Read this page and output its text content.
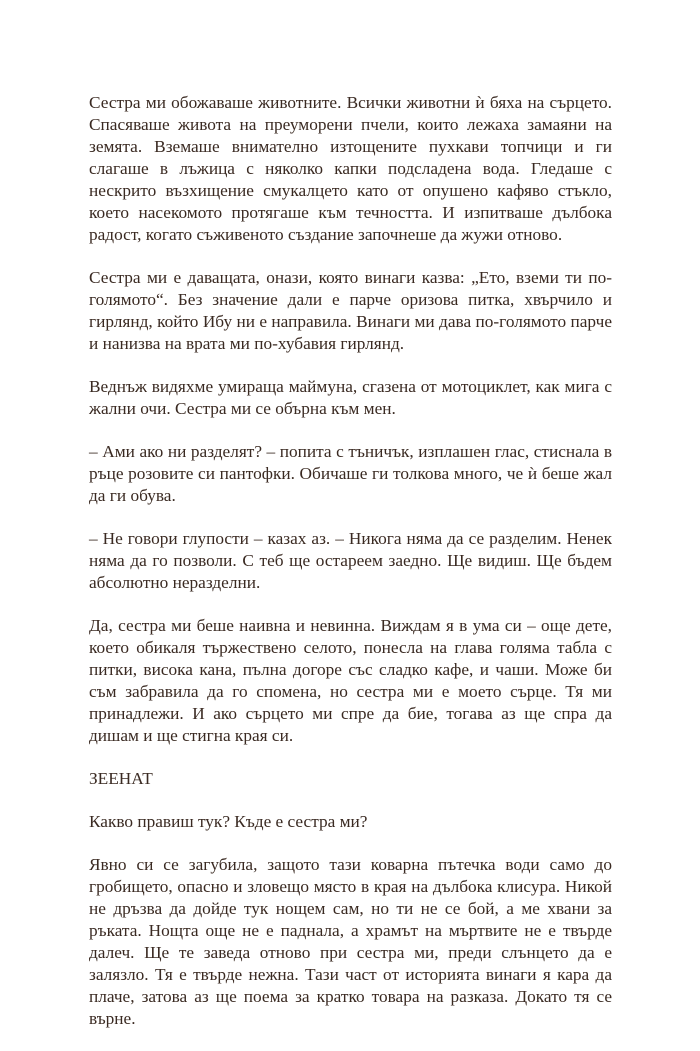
Сестра ми обожаваше животните. Всички животни ѝ бяха на сърцето. Спасяваше живота на преуморени пчели, които лежаха замаяни на земята. Вземаше внимателно изтощените пухкави топчици и ги слагаше в лъжица с няколко капки подсладена вода. Гледаше с нескрито възхищение смукалцето като от опушено кафяво стъкло, което насекомото протягаше към течността. И изпитваше дълбока радост, когато съживеното създание започнеше да жужи отново.

Сестра ми е даващата, онази, която винаги казва: „Ето, вземи ти по-голямото“. Без значение дали е парче оризова питка, хвърчило и гирлянд, който Ибу ни е направила. Винаги ми дава по-голямото парче и нанизва на врата ми по-хубавия гирлянд.

Веднъж видяхме умираща маймуна, сгазена от мотоциклет, как мига с жални очи. Сестра ми се обърна към мен.

– Ами ако ни разделят? – попита с тъничък, изплашен глас, стиснала в ръце розовите си пантофки. Обичаше ги толкова много, че ѝ беше жал да ги обува.

– Не говори глупости – казах аз. – Никога няма да се разделим. Ненек няма да го позволи. С теб ще остареем заедно. Ще видиш. Ще бъдем абсолютно неразделни.

Да, сестра ми беше наивна и невинна. Виждам я в ума си – още дете, което обикаля тържествено селото, понесла на глава голяма табла с питки, висока кана, пълна догоре със сладко кафе, и чаши. Може би съм забравила да го спомена, но сестра ми е моето сърце. Тя ми принадлежи. И ако сърцето ми спре да бие, тогава аз ще спра да дишам и ще стигна края си.

ЗЕЕНАТ

Какво правиш тук? Къде е сестра ми?

Явно си се загубила, защото тази коварна пътечка води само до гробището, опасно и зловещо място в края на дълбока клисура. Никой не дръзва да дойде тук нощем сам, но ти не се бой, а ме хвани за ръката. Нощта още не е паднала, а храмът на мъртвите не е твърде далеч. Ще те заведа отново при сестра ми, преди слънцето да е залязло. Тя е твърде нежна. Тази част от историята винаги я кара да плаче, затова аз ще поема за кратко товара на разказа. Докато тя се върне.
